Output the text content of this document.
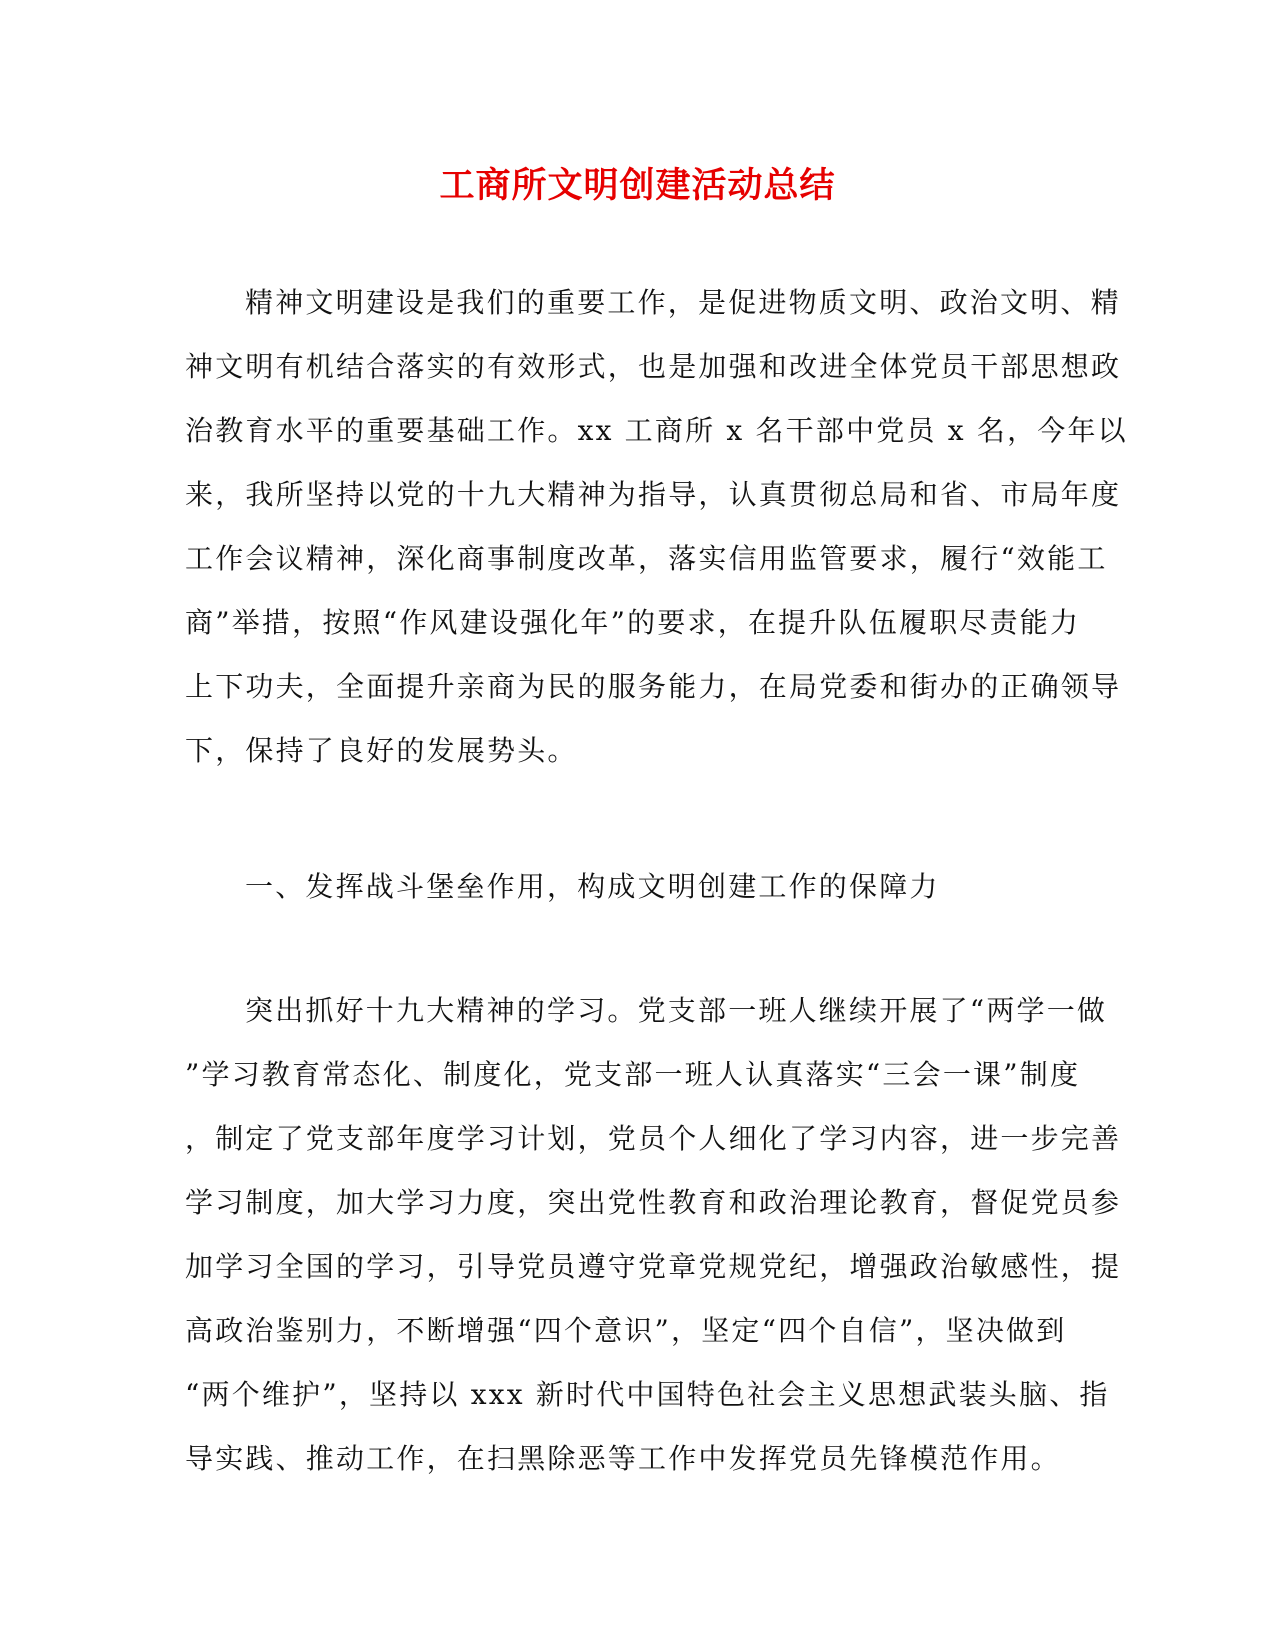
工商所文明创建活动总结
精神文明建设是我们的重要工作，是促进物质文明、政治文明、精
神文明有机结合落实的有效形式，也是加强和改进全体党员干部思想政
治教育水平的重要基础工作。xx 工商所 x 名干部中党员 x 名，今年以
来，我所坚持以党的十九大精神为指导，认真贯彻总局和省、市局年度
工作会议精神，深化商事制度改革，落实信用监管要求，履行“效能工
商”举措，按照“作风建设强化年”的要求，在提升队伍履职尽责能力
上下功夫，全面提升亲商为民的服务能力，在局党委和街办的正确领导
下，保持了良好的发展势头。
一、发挥战斗堡垒作用，构成文明创建工作的保障力
突出抓好十九大精神的学习。党支部一班人继续开展了“两学一做
”学习教育常态化、制度化，党支部一班人认真落实“三会一课”制度
，制定了党支部年度学习计划，党员个人细化了学习内容，进一步完善
学习制度，加大学习力度，突出党性教育和政治理论教育，督促党员参
加学习全国的学习，引导党员遵守党章党规党纪，增强政治敏感性，提
高政治鉴别力，不断增强“四个意识”，坚定“四个自信”，坚决做到
“两个维护”，坚持以 xxx 新时代中国特色社会主义思想武装头脑、指
导实践、推动工作，在扫黑除恶等工作中发挥党员先锋模范作用。
